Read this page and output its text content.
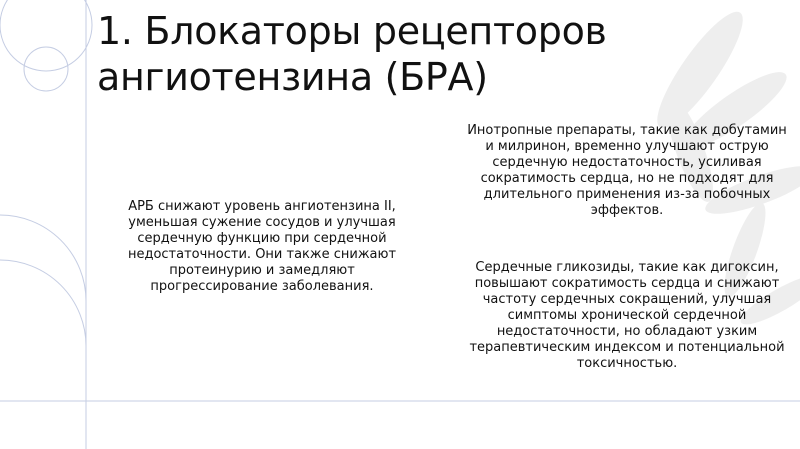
1. Блокаторы рецепторов ангиотензина (БРА)

АРБ снижают уровень ангиотензина II, уменьшая сужение сосудов и улучшая сердечную функцию при сердечной недостаточности. Они также снижают протеинурию и замедляют прогрессирование заболевания.

Инотропные препараты, такие как добутамин и милринон, временно улучшают острую сердечную недостаточность, усиливая сократимость сердца, но не подходят для длительного применения из-за побочных эффектов.

Сердечные гликозиды, такие как дигоксин, повышают сократимость сердца и снижают частоту сердечных сокращений, улучшая симптомы хронической сердечной недостаточности, но обладают узким терапевтическим индексом и потенциальной токсичностью.
